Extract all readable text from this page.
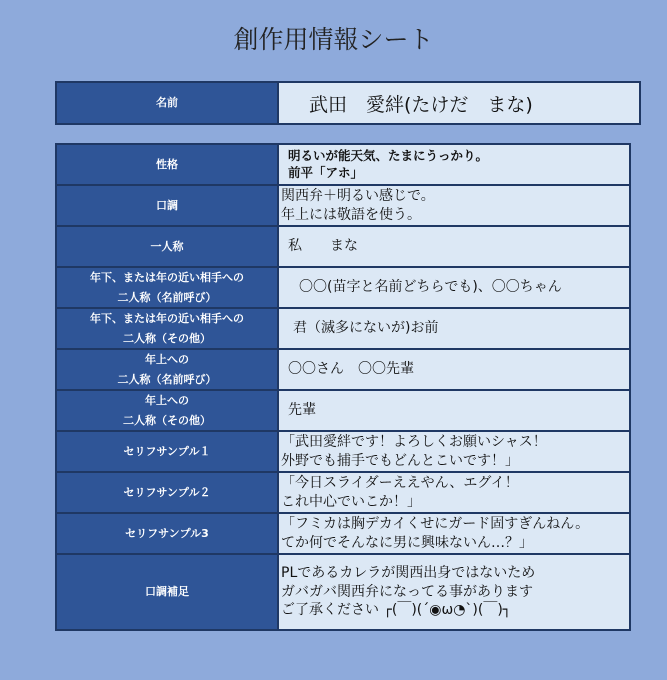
創作用情報シート
名前	武田　愛絆(たけだ　まな)
性格	明るいが能天気、たまにうっかり。
前平「アホ」

口調	関西弁＋明るい感じで。
年上には敬語を使う。

一人称	私　　まな

年下、または年の近い相手への
二人称（名前呼び）	〇〇(苗字と名前どちらでも)、〇〇ちゃん

年下、または年の近い相手への
二人称（その他）	君（滅多にないが)お前

年上への
二人称（名前呼び）	〇〇さん　〇〇先輩

年上への
二人称（その他）	先輩

セリフサンプル１	「武田愛絆です！よろしくお願いシャス！
外野でも捕手でもどんとこいです！」

セリフサンプル２	「今日スライダーええやん、エグイ！
これ中心でいこか！」

セリフサンプル3	「フミカは胸デカイくせにガード固すぎんねん。
てか何でそんなに男に興味ないん…？」

口調補足	PLであるカレラが関西出身ではないため
ガバガバ関西弁になってる事があります
ご了承ください ┌(￣)(´◉ω◔`)(￣)┐
